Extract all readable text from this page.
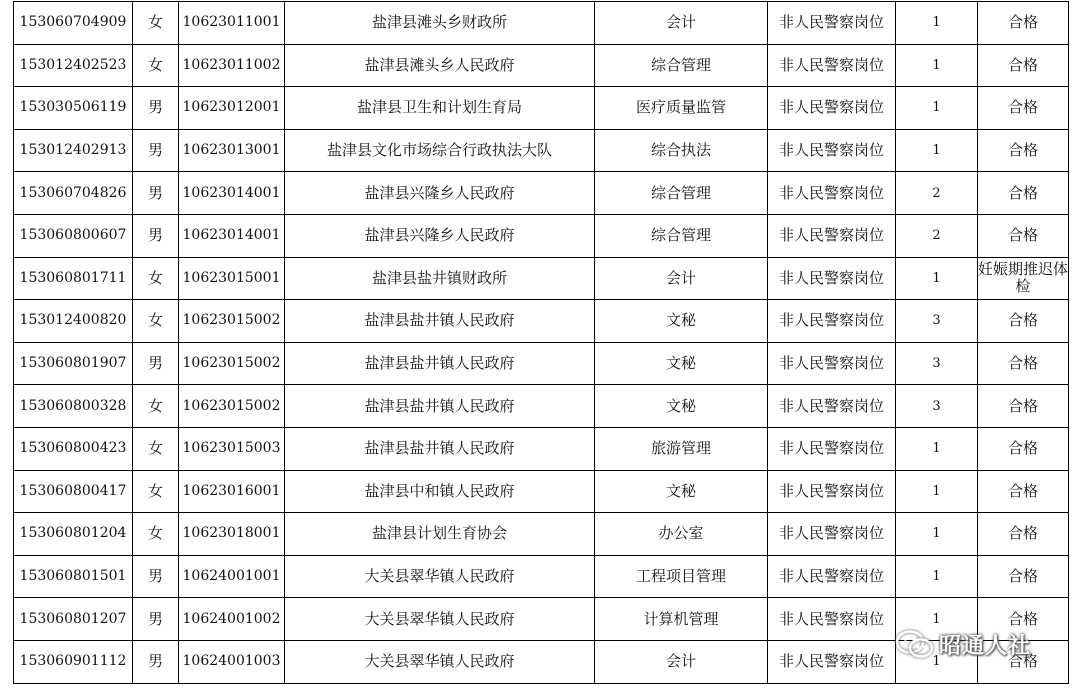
153060704909	女	10623011001	盐津县滩头乡财政所	会计	非人民警察岗位	1	合格
153012402523	女	10623011002	盐津县滩头乡人民政府	综合管理	非人民警察岗位	1	合格
153030506119	男	10623012001	盐津县卫生和计划生育局	医疗质量监管	非人民警察岗位	1	合格
153012402913	男	10623013001	盐津县文化市场综合行政执法大队	综合执法	非人民警察岗位	1	合格
153060704826	男	10623014001	盐津县兴隆乡人民政府	综合管理	非人民警察岗位	2	合格
153060800607	男	10623014001	盐津县兴隆乡人民政府	综合管理	非人民警察岗位	2	合格
153060801711	女	10623015001	盐津县盐井镇财政所	会计	非人民警察岗位	1	妊娠期推迟体检
153012400820	女	10623015002	盐津县盐井镇人民政府	文秘	非人民警察岗位	3	合格
153060801907	男	10623015002	盐津县盐井镇人民政府	文秘	非人民警察岗位	3	合格
153060800328	女	10623015002	盐津县盐井镇人民政府	文秘	非人民警察岗位	3	合格
153060800423	女	10623015003	盐津县盐井镇人民政府	旅游管理	非人民警察岗位	1	合格
153060800417	女	10623016001	盐津县中和镇人民政府	文秘	非人民警察岗位	1	合格
153060801204	女	10623018001	盐津县计划生育协会	办公室	非人民警察岗位	1	合格
153060801501	男	10624001001	大关县翠华镇人民政府	工程项目管理	非人民警察岗位	1	合格
153060801207	男	10624001002	大关县翠华镇人民政府	计算机管理	非人民警察岗位	1	合格
153060901112	男	10624001003	大关县翠华镇人民政府	会计	非人民警察岗位	1	合格
昭通人社
